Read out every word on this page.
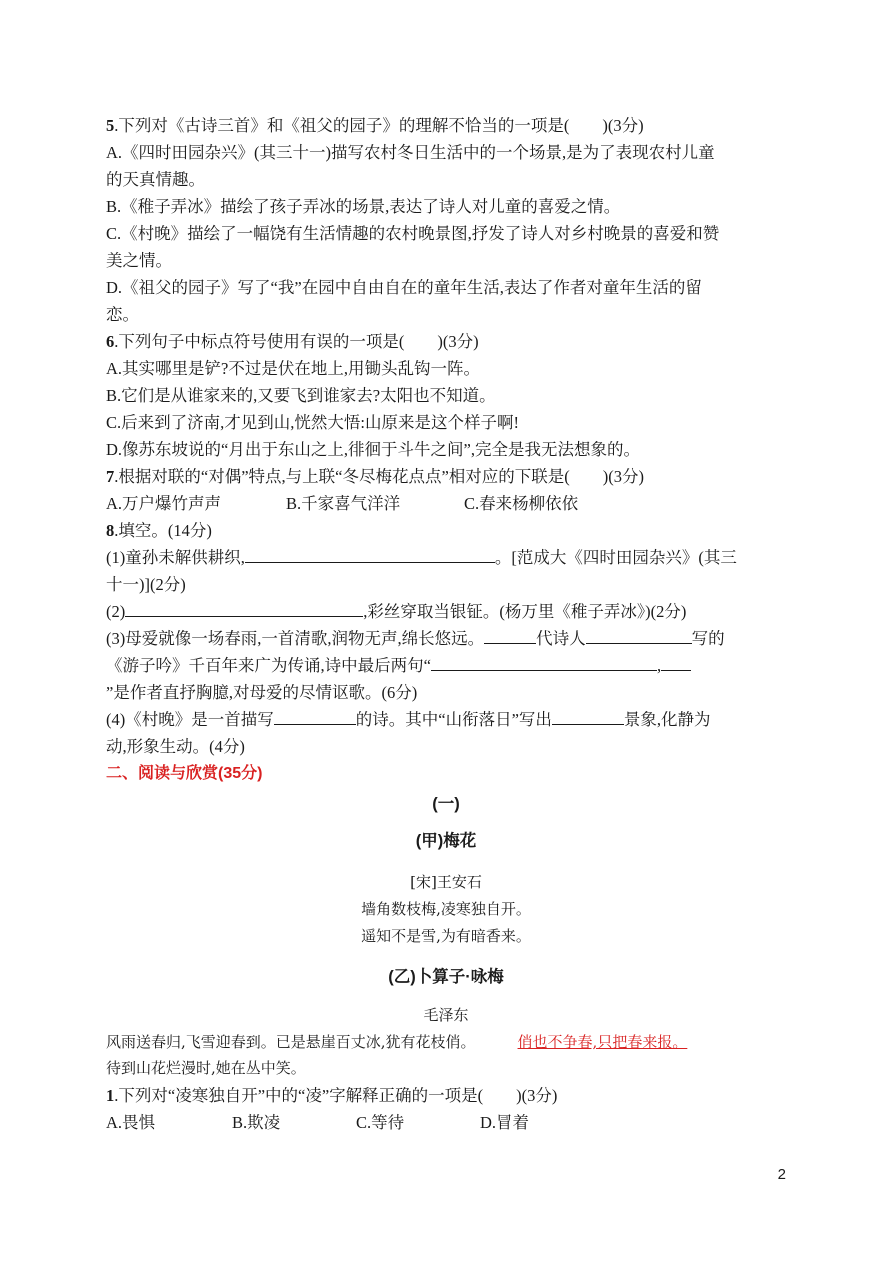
5.下列对《古诗三首》和《祖父的园子》的理解不恰当的一项是(　　)(3分)
A.《四时田园杂兴》(其三十一)描写农村冬日生活中的一个场景,是为了表现农村儿童
的天真情趣。
B.《稚子弄冰》描绘了孩子弄冰的场景,表达了诗人对儿童的喜爱之情。
C.《村晚》描绘了一幅饶有生活情趣的农村晚景图,抒发了诗人对乡村晚景的喜爱和赞
美之情。
D.《祖父的园子》写了“我”在园中自由自在的童年生活,表达了作者对童年生活的留
恋。
6.下列句子中标点符号使用有误的一项是(　　)(3分)
A.其实哪里是铲?不过是伏在地上,用锄头乱钩一阵。
B.它们是从谁家来的,又要飞到谁家去?太阳也不知道。
C.后来到了济南,才见到山,恍然大悟:山原来是这个样子啊!
D.像苏东坡说的“月出于东山之上,徘徊于斗牛之间”,完全是我无法想象的。
7.根据对联的“对偶”特点,与上联“冬尽梅花点点”相对应的下联是(　　)(3分)
A.万户爆竹声声	B.千家喜气洋洋	C.春来杨柳依依
8.填空。(14分)
(1)童孙未解供耕织,	。[范成大《四时田园杂兴》(其三
十一)](2分)
(2)	,彩丝穿取当银钲。(杨万里《稚子弄冰》)(2分)
(3)母爱就像一场春雨,一首清歌,润物无声,绵长悠远。	代诗人	写的
《游子吟》千百年来广为传诵,诗中最后两句“	,
”是作者直抒胸臆,对母爱的尽情讴歌。(6分)
(4)《村晚》是一首描写	的诗。其中“山衔落日”写出	景象,化静为
动,形象生动。(4分)
二、阅读与欣赏(35分)
(一)
(甲)梅花
[宋]王安石
墙角数枝梅,凌寒独自开。
遥知不是雪,为有暗香来。
(乙)卜算子·咏梅
毛泽东
风雨送春归,飞雪迎春到。已是悬崖百丈冰,犹有花枝俏。	俏也不争春,只把春来报。
待到山花烂漫时,她在丛中笑。
1.下列对“凌寒独自开”中的“凌”字解释正确的一项是(　　)(3分)
A.畏惧	B.欺凌	C.等待	D.冒着
2
